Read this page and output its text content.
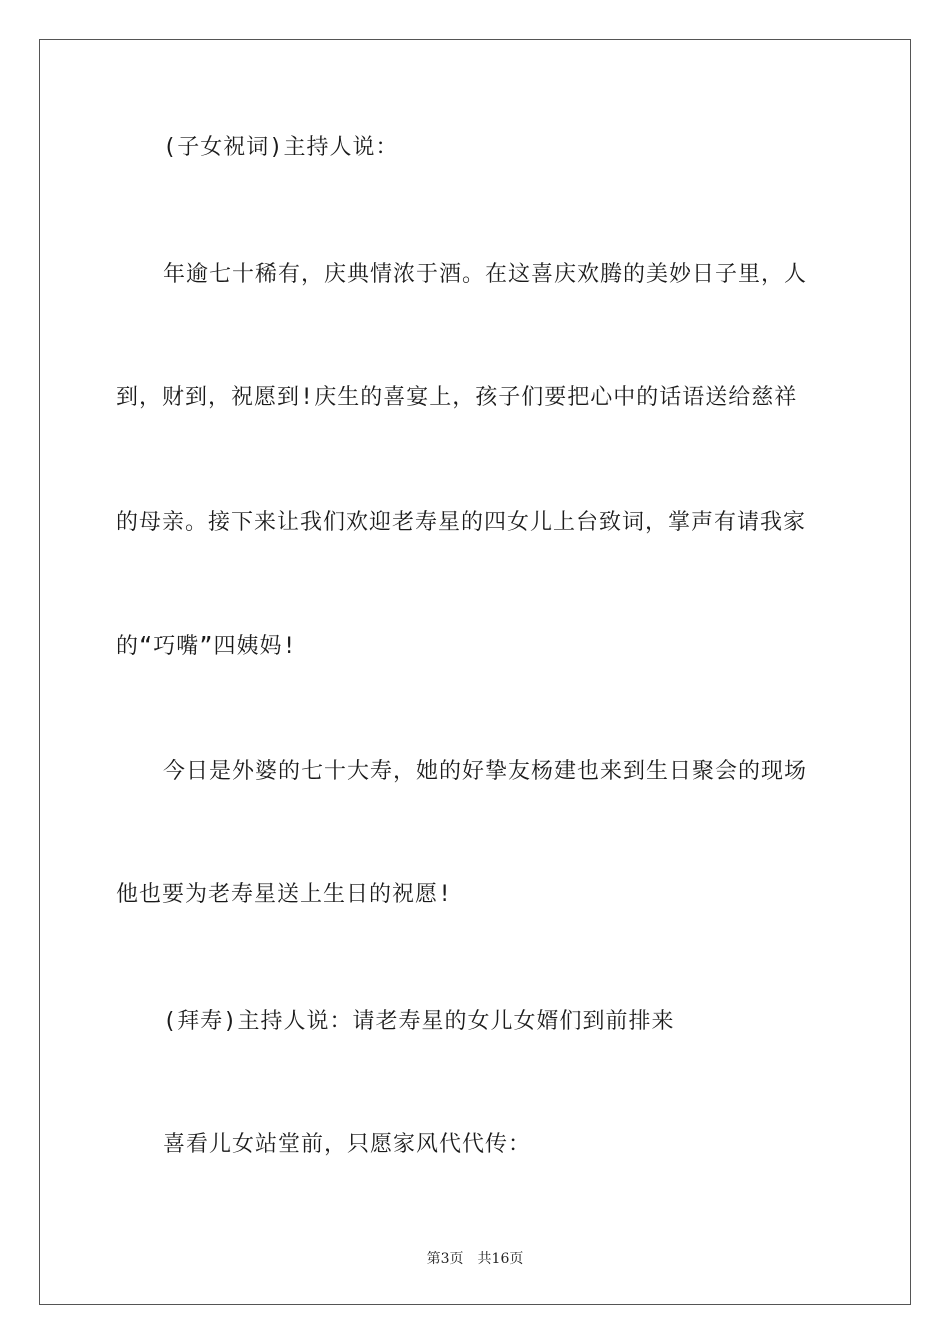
(子女祝词)主持人说：
年逾七十稀有，庆典情浓于酒。在这喜庆欢腾的美妙日子里，人
到，财到，祝愿到!庆生的喜宴上，孩子们要把心中的话语送给慈祥
的母亲。接下来让我们欢迎老寿星的四女儿上台致词，掌声有请我家
的“巧嘴”四姨妈!
今日是外婆的七十大寿，她的好挚友杨建也来到生日聚会的现场
他也要为老寿星送上生日的祝愿!
(拜寿)主持人说：请老寿星的女儿女婿们到前排来
喜看儿女站堂前，只愿家风代代传：
第3页 共16页
